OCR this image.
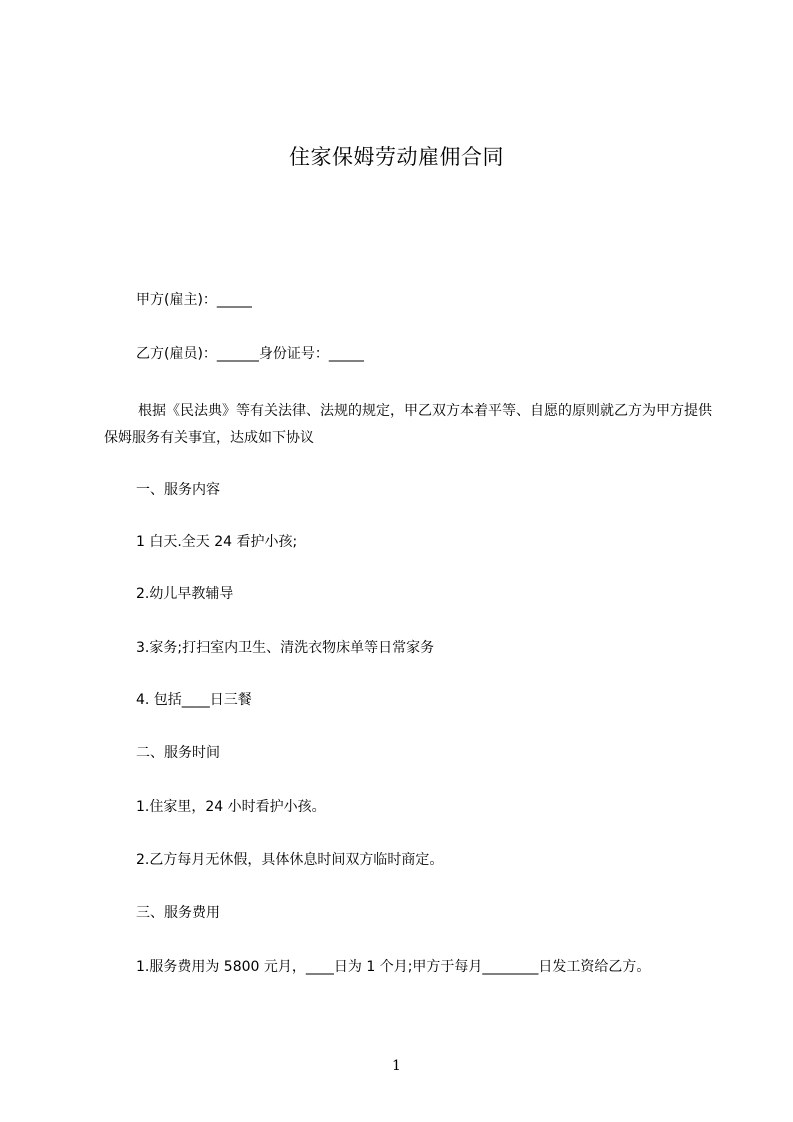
住家保姆劳动雇佣合同
甲方(雇主)：_____
乙方(雇员)：______身份证号：_____
根据《民法典》等有关法律、法规的规定，甲乙双方本着平等、自愿的原则就乙方为甲方提供保姆服务有关事宜，达成如下协议
一、服务内容
1 白天.全天 24 看护小孩;
2.幼儿早教辅导
3.家务;打扫室内卫生、清洗衣物床单等日常家务
4. 包括____日三餐
二、服务时间
1.住家里，24 小时看护小孩。
2.乙方每月无休假，具体休息时间双方临时商定。
三、服务费用
1.服务费用为 5800 元月，____日为 1 个月;甲方于每月________日发工资给乙方。
1
